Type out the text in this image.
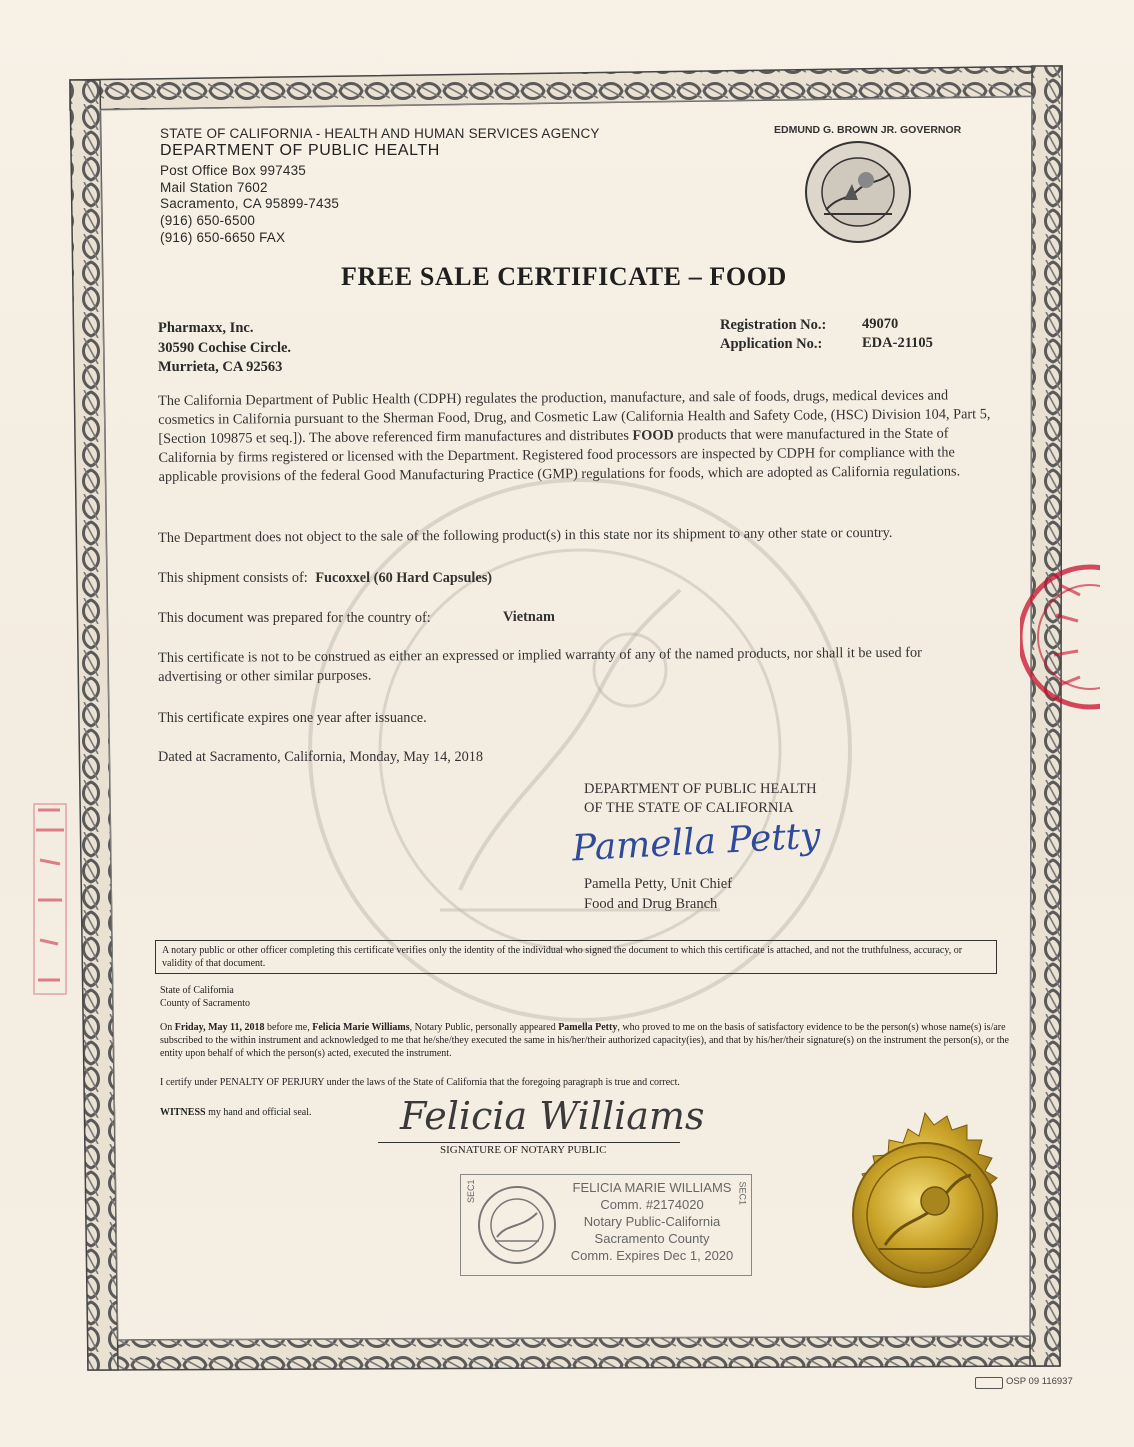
STATE OF CALIFORNIA - HEALTH AND HUMAN SERVICES AGENCY
DEPARTMENT OF PUBLIC HEALTH
Post Office Box 997435
Mail Station 7602
Sacramento, CA 95899-7435
(916) 650-6500
(916) 650-6650 FAX
EDMUND G. BROWN JR. GOVERNOR
FREE SALE CERTIFICATE – FOOD
Pharmaxx, Inc.
30590 Cochise Circle.
Murrieta, CA 92563
Registration No.: 49070
Application No.:	EDA-21105
The California Department of Public Health (CDPH) regulates the production, manufacture, and sale of foods, drugs, medical devices and cosmetics in California pursuant to the Sherman Food, Drug, and Cosmetic Law (California Health and Safety Code, (HSC) Division 104, Part 5, [Section 109875 et seq.]). The above referenced firm manufactures and distributes FOOD products that were manufactured in the State of California by firms registered or licensed with the Department. Registered food processors are inspected by CDPH for compliance with the applicable provisions of the federal Good Manufacturing Practice (GMP) regulations for foods, which are adopted as California regulations.
The Department does not object to the sale of the following product(s) in this state nor its shipment to any other state or country.
This shipment consists of: Fucoxxel (60 Hard Capsules)
This document was prepared for the country of:	Vietnam
This certificate is not to be construed as either an expressed or implied warranty of any of the named products, nor shall it be used for advertising or other similar purposes.
This certificate expires one year after issuance.
Dated at Sacramento, California, Monday, May 14, 2018
DEPARTMENT OF PUBLIC HEALTH
OF THE STATE OF CALIFORNIA
Pamella Petty
Pamella Petty, Unit Chief
Food and Drug Branch
A notary public or other officer completing this certificate verifies only the identity of the individual who signed the document to which this certificate is attached, and not the truthfulness, accuracy, or validity of that document.
State of California
County of Sacramento
On Friday, May 11, 2018 before me, Felicia Marie Williams, Notary Public, personally appeared Pamella Petty, who proved to me on the basis of satisfactory evidence to be the person(s) whose name(s) is/are subscribed to the within instrument and acknowledged to me that he/she/they executed the same in his/her/their authorized capacity(ies), and that by his/her/their signature(s) on the instrument the person(s), or the entity upon behalf of which the person(s) acted, executed the instrument.
I certify under PENALTY OF PERJURY under the laws of the State of California that the foregoing paragraph is true and correct.
WITNESS my hand and official seal. Felicia Williams
SIGNATURE OF NOTARY PUBLIC
SEC1	SEC1
FELICIA MARIE WILLIAMS
Comm. #2174020
Notary Public-California
Sacramento County
Comm. Expires Dec 1, 2020
OSP 09 116937
